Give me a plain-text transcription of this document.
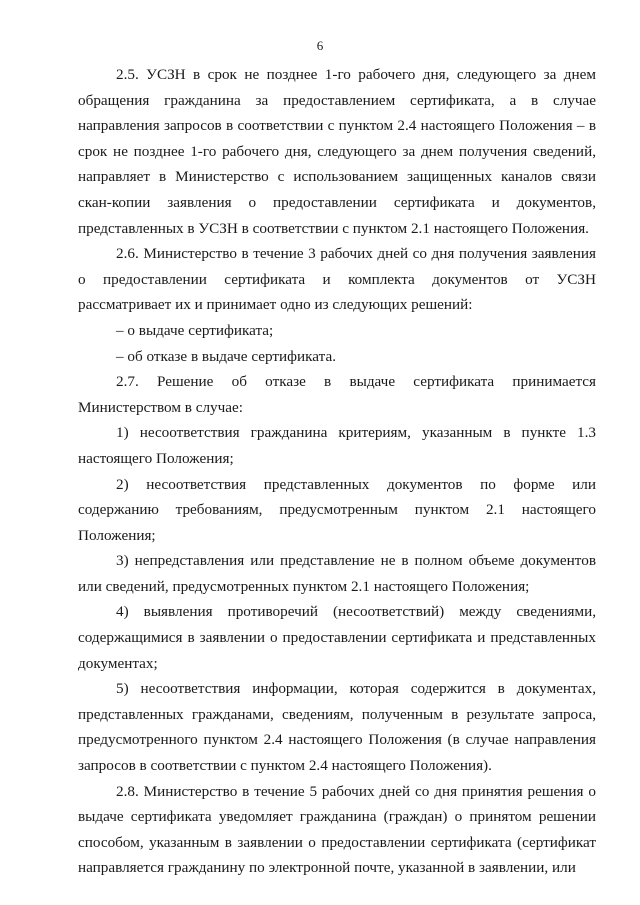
6

2.5. УСЗН в срок не позднее 1-го рабочего дня, следующего за днем обращения гражданина за предоставлением сертификата, а в случае направления запросов в соответствии с пунктом 2.4 настоящего Положения – в срок не позднее 1-го рабочего дня, следующего за днем получения сведений, направляет в Министерство с использованием защищенных каналов связи скан-копии заявления о предоставлении сертификата и документов, представленных в УСЗН в соответствии с пунктом 2.1 настоящего Положения.

2.6. Министерство в течение 3 рабочих дней со дня получения заявления о предоставлении сертификата и комплекта документов от УСЗН рассматривает их и принимает одно из следующих решений:

– о выдаче сертификата;

– об отказе в выдаче сертификата.

2.7. Решение об отказе в выдаче сертификата принимается Министерством в случае:

1) несоответствия гражданина критериям, указанным в пункте 1.3 настоящего Положения;

2) несоответствия представленных документов по форме или содержанию требованиям, предусмотренным пунктом 2.1 настоящего Положения;

3) непредставления или представление не в полном объеме документов или сведений, предусмотренных пунктом 2.1 настоящего Положения;

4) выявления противоречий (несоответствий) между сведениями, содержащимися в заявлении о предоставлении сертификата и представленных документах;

5) несоответствия информации, которая содержится в документах, представленных гражданами, сведениям, полученным в результате запроса, предусмотренного пунктом 2.4 настоящего Положения (в случае направления запросов в соответствии с пунктом 2.4 настоящего Положения).

2.8. Министерство в течение 5 рабочих дней со дня принятия решения о выдаче сертификата уведомляет гражданина (граждан) о принятом решении способом, указанным в заявлении о предоставлении сертификата (сертификат направляется гражданину по электронной почте, указанной в заявлении, или
